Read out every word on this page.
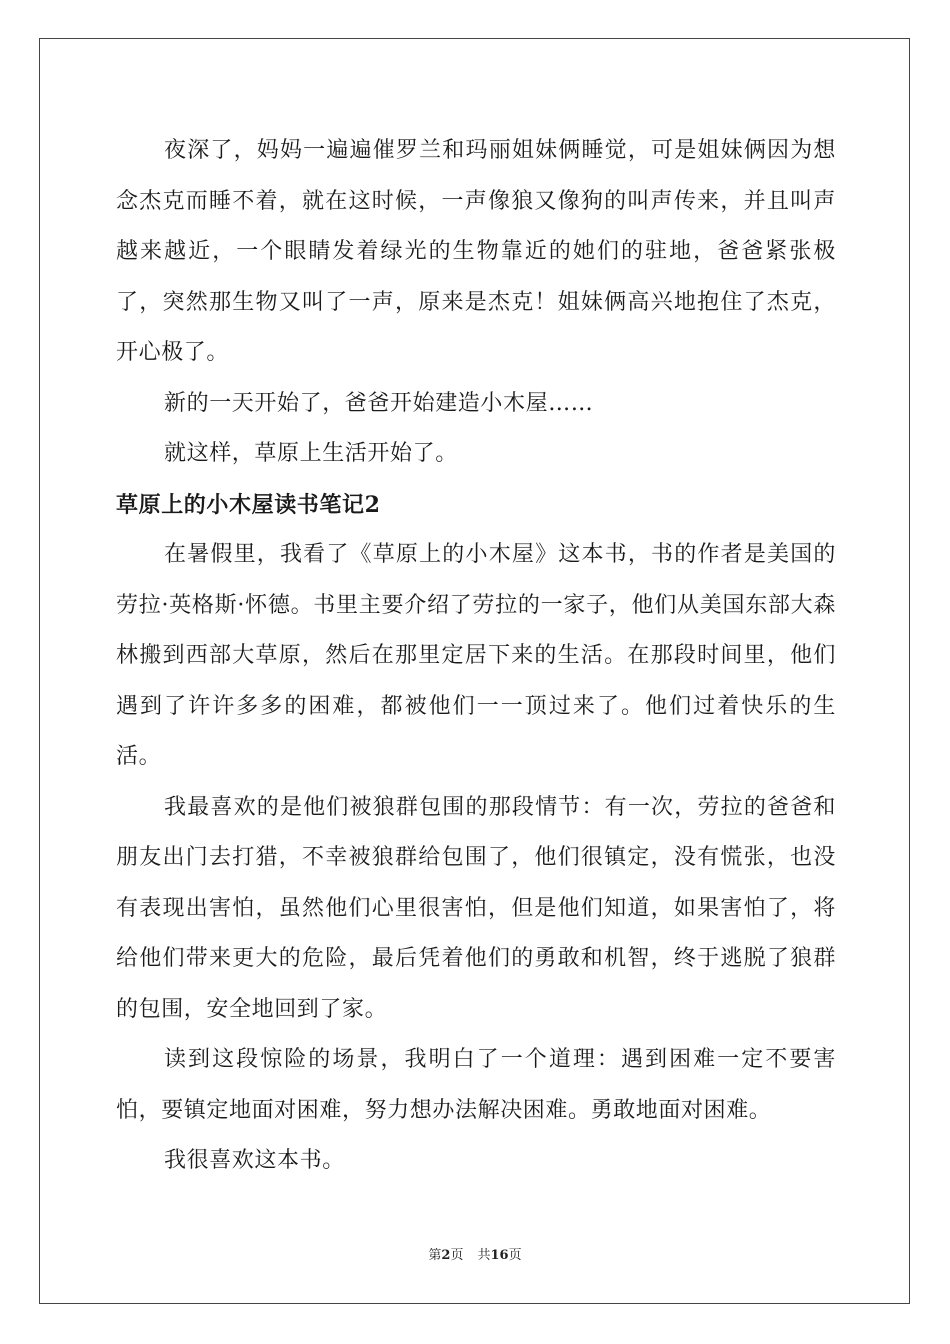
夜深了，妈妈一遍遍催罗兰和玛丽姐妹俩睡觉，可是姐妹俩因为想念杰克而睡不着，就在这时候，一声像狼又像狗的叫声传来，并且叫声越来越近，一个眼睛发着绿光的生物靠近的她们的驻地，爸爸紧张极了，突然那生物又叫了一声，原来是杰克！姐妹俩高兴地抱住了杰克，开心极了。

新的一天开始了，爸爸开始建造小木屋……

就这样，草原上生活开始了。

草原上的小木屋读书笔记2

在暑假里，我看了《草原上的小木屋》这本书，书的作者是美国的劳拉·英格斯·怀德。书里主要介绍了劳拉的一家子，他们从美国东部大森林搬到西部大草原，然后在那里定居下来的生活。在那段时间里，他们遇到了许许多多的困难，都被他们一一顶过来了。他们过着快乐的生活。

我最喜欢的是他们被狼群包围的那段情节：有一次，劳拉的爸爸和朋友出门去打猎，不幸被狼群给包围了，他们很镇定，没有慌张，也没有表现出害怕，虽然他们心里很害怕，但是他们知道，如果害怕了，将给他们带来更大的危险，最后凭着他们的勇敢和机智，终于逃脱了狼群的包围，安全地回到了家。

读到这段惊险的场景，我明白了一个道理：遇到困难一定不要害怕，要镇定地面对困难，努力想办法解决困难。勇敢地面对困难。

我很喜欢这本书。

第2页 共16页
